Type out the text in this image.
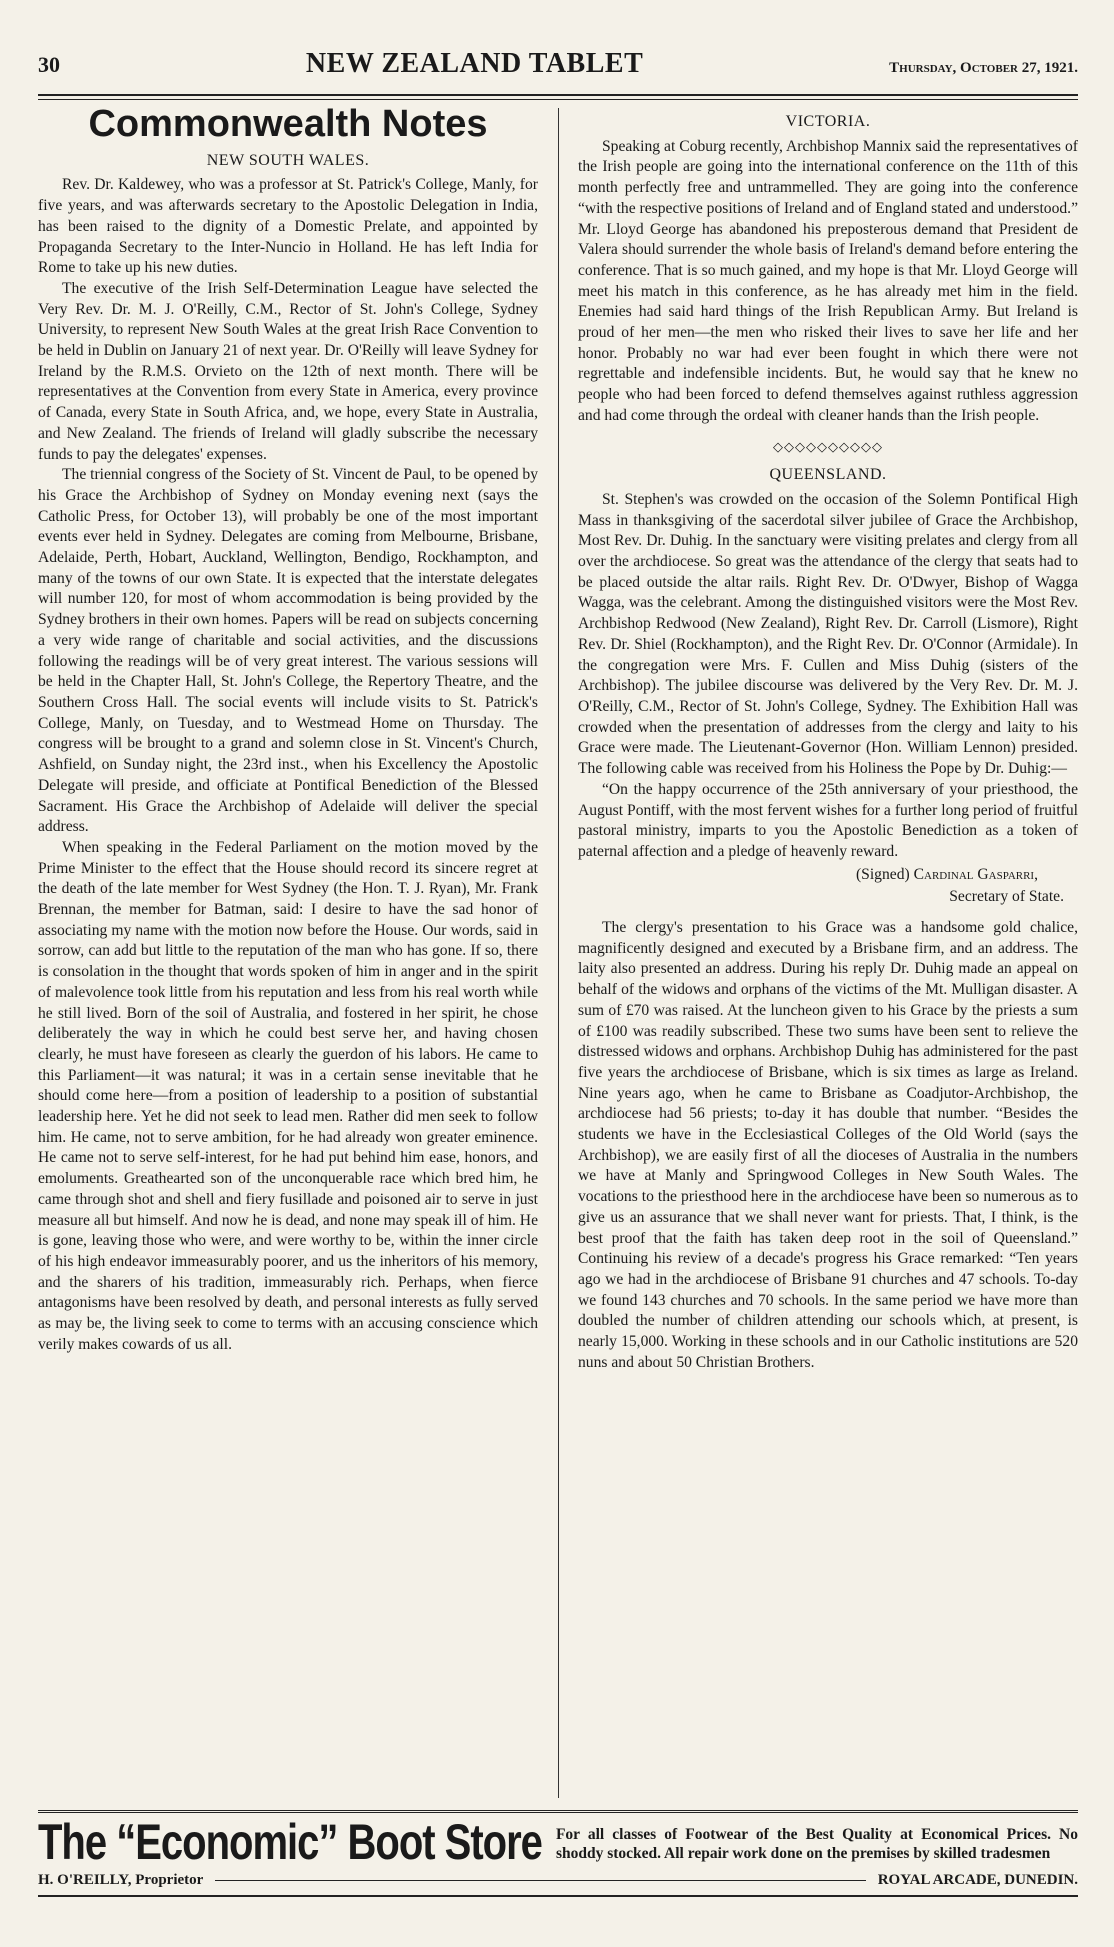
30	NEW ZEALAND TABLET	Thursday, October 27, 1921.
Commonwealth Notes
NEW SOUTH WALES.

Rev. Dr. Kaldewey, who was a professor at St. Patrick's College, Manly, for five years, and was afterwards secretary to the Apostolic Delegation in India, has been raised to the dignity of a Domestic Prelate, and appointed by Propaganda Secretary to the Inter-Nuncio in Holland. He has left India for Rome to take up his new duties.

The executive of the Irish Self-Determination League have selected the Very Rev. Dr. M. J. O'Reilly, C.M., Rector of St. John's College, Sydney University, to represent New South Wales at the great Irish Race Convention to be held in Dublin on January 21 of next year. Dr. O'Reilly will leave Sydney for Ireland by the R.M.S. Orvieto on the 12th of next month. There will be representatives at the Convention from every State in America, every province of Canada, every State in South Africa, and, we hope, every State in Australia, and New Zealand. The friends of Ireland will gladly subscribe the necessary funds to pay the delegates' expenses.

The triennial congress of the Society of St. Vincent de Paul, to be opened by his Grace the Archbishop of Sydney on Monday evening next (says the Catholic Press, for October 13), will probably be one of the most important events ever held in Sydney. Delegates are coming from Melbourne, Brisbane, Adelaide, Perth, Hobart, Auckland, Wellington, Bendigo, Rockhampton, and many of the towns of our own State. It is expected that the interstate delegates will number 120, for most of whom accommodation is being provided by the Sydney brothers in their own homes. Papers will be read on subjects concerning a very wide range of charitable and social activities, and the discussions following the readings will be of very great interest. The various sessions will be held in the Chapter Hall, St. John's College, the Repertory Theatre, and the Southern Cross Hall. The social events will include visits to St. Patrick's College, Manly, on Tuesday, and to Westmead Home on Thursday. The congress will be brought to a grand and solemn close in St. Vincent's Church, Ashfield, on Sunday night, the 23rd inst., when his Excellency the Apostolic Delegate will preside, and officiate at Pontifical Benediction of the Blessed Sacrament. His Grace the Archbishop of Adelaide will deliver the special address.

When speaking in the Federal Parliament on the motion moved by the Prime Minister to the effect that the House should record its sincere regret at the death of the late member for West Sydney (the Hon. T. J. Ryan), Mr. Frank Brennan, the member for Batman, said: I desire to have the sad honor of associating my name with the motion now before the House. Our words, said in sorrow, can add but little to the reputation of the man who has gone. If so, there is consolation in the thought that words spoken of him in anger and in the spirit of malevolence took little from his reputation and less from his real worth while he still lived. Born of the soil of Australia, and fostered in her spirit, he chose deliberately the way in which he could best serve her, and having chosen clearly, he must have foreseen as clearly the guerdon of his labors. He came to this Parliament—it was natural; it was in a certain sense inevitable that he should come here—from a position of leadership to a position of substantial leadership here. Yet he did not seek to lead men. Rather did men seek to follow him. He came, not to serve ambition, for he had already won greater eminence. He came not to serve self-interest, for he had put behind him ease, honors, and emoluments. Greathearted son of the unconquerable race which bred him, he came through shot and shell and fiery fusillade and poisoned air to serve in just measure all but himself. And now he is dead, and none may speak ill of him. He is gone, leaving those who were, and were worthy to be, within the inner circle of his high endeavor immeasurably poorer, and us the inheritors of his memory, and the sharers of his tradition, immeasurably rich. Perhaps, when fierce antagonisms have been resolved by death, and personal interests as fully served as may be, the living seek to come to terms with an accusing conscience which verily makes cowards of us all.

VICTORIA.

Speaking at Coburg recently, Archbishop Mannix said the representatives of the Irish people are going into the international conference on the 11th of this month perfectly free and untrammelled. They are going into the conference “with the respective positions of Ireland and of England stated and understood.” Mr. Lloyd George has abandoned his preposterous demand that President de Valera should surrender the whole basis of Ireland's demand before entering the conference. That is so much gained, and my hope is that Mr. Lloyd George will meet his match in this conference, as he has already met him in the field. Enemies had said hard things of the Irish Republican Army. But Ireland is proud of her men—the men who risked their lives to save her life and her honor. Probably no war had ever been fought in which there were not regrettable and indefensible incidents. But, he would say that he knew no people who had been forced to defend themselves against ruthless aggression and had come through the ordeal with cleaner hands than the Irish people.

◇◇◇◇◇◇◇◇◇◇
QUEENSLAND.

St. Stephen's was crowded on the occasion of the Solemn Pontifical High Mass in thanksgiving of the sacerdotal silver jubilee of Grace the Archbishop, Most Rev. Dr. Duhig. In the sanctuary were visiting prelates and clergy from all over the archdiocese. So great was the attendance of the clergy that seats had to be placed outside the altar rails. Right Rev. Dr. O'Dwyer, Bishop of Wagga Wagga, was the celebrant. Among the distinguished visitors were the Most Rev. Archbishop Redwood (New Zealand), Right Rev. Dr. Carroll (Lismore), Right Rev. Dr. Shiel (Rockhampton), and the Right Rev. Dr. O'Connor (Armidale). In the congregation were Mrs. F. Cullen and Miss Duhig (sisters of the Archbishop). The jubilee discourse was delivered by the Very Rev. Dr. M. J. O'Reilly, C.M., Rector of St. John's College, Sydney. The Exhibition Hall was crowded when the presentation of addresses from the clergy and laity to his Grace were made. The Lieutenant-Governor (Hon. William Lennon) presided. The following cable was received from his Holiness the Pope by Dr. Duhig:—

“On the happy occurrence of the 25th anniversary of your priesthood, the August Pontiff, with the most fervent wishes for a further long period of fruitful pastoral ministry, imparts to you the Apostolic Benediction as a token of paternal affection and a pledge of heavenly reward.

(Signed) Cardinal Gasparri,
Secretary of State.

The clergy's presentation to his Grace was a handsome gold chalice, magnificently designed and executed by a Brisbane firm, and an address. The laity also presented an address. During his reply Dr. Duhig made an appeal on behalf of the widows and orphans of the victims of the Mt. Mulligan disaster. A sum of £70 was raised. At the luncheon given to his Grace by the priests a sum of £100 was readily subscribed. These two sums have been sent to relieve the distressed widows and orphans. Archbishop Duhig has administered for the past five years the archdiocese of Brisbane, which is six times as large as Ireland. Nine years ago, when he came to Brisbane as Coadjutor-Archbishop, the archdiocese had 56 priests; to-day it has double that number. “Besides the students we have in the Ecclesiastical Colleges of the Old World (says the Archbishop), we are easily first of all the dioceses of Australia in the numbers we have at Manly and Springwood Colleges in New South Wales. The vocations to the priesthood here in the archdiocese have been so numerous as to give us an assurance that we shall never want for priests. That, I think, is the best proof that the faith has taken deep root in the soil of Queensland.” Continuing his review of a decade's progress his Grace remarked: “Ten years ago we had in the archdiocese of Brisbane 91 churches and 47 schools. To-day we found 143 churches and 70 schools. In the same period we have more than doubled the number of children attending our schools which, at present, is nearly 15,000. Working in these schools and in our Catholic institutions are 520 nuns and about 50 Christian Brothers.

The “Economic” Boot Store For all classes of Footwear of the Best Quality at Economical Prices. No shoddy stocked. All repair work done on the premises by skilled tradesmen
H. O'REILLY, Proprietor	ROYAL ARCADE, DUNEDIN.
